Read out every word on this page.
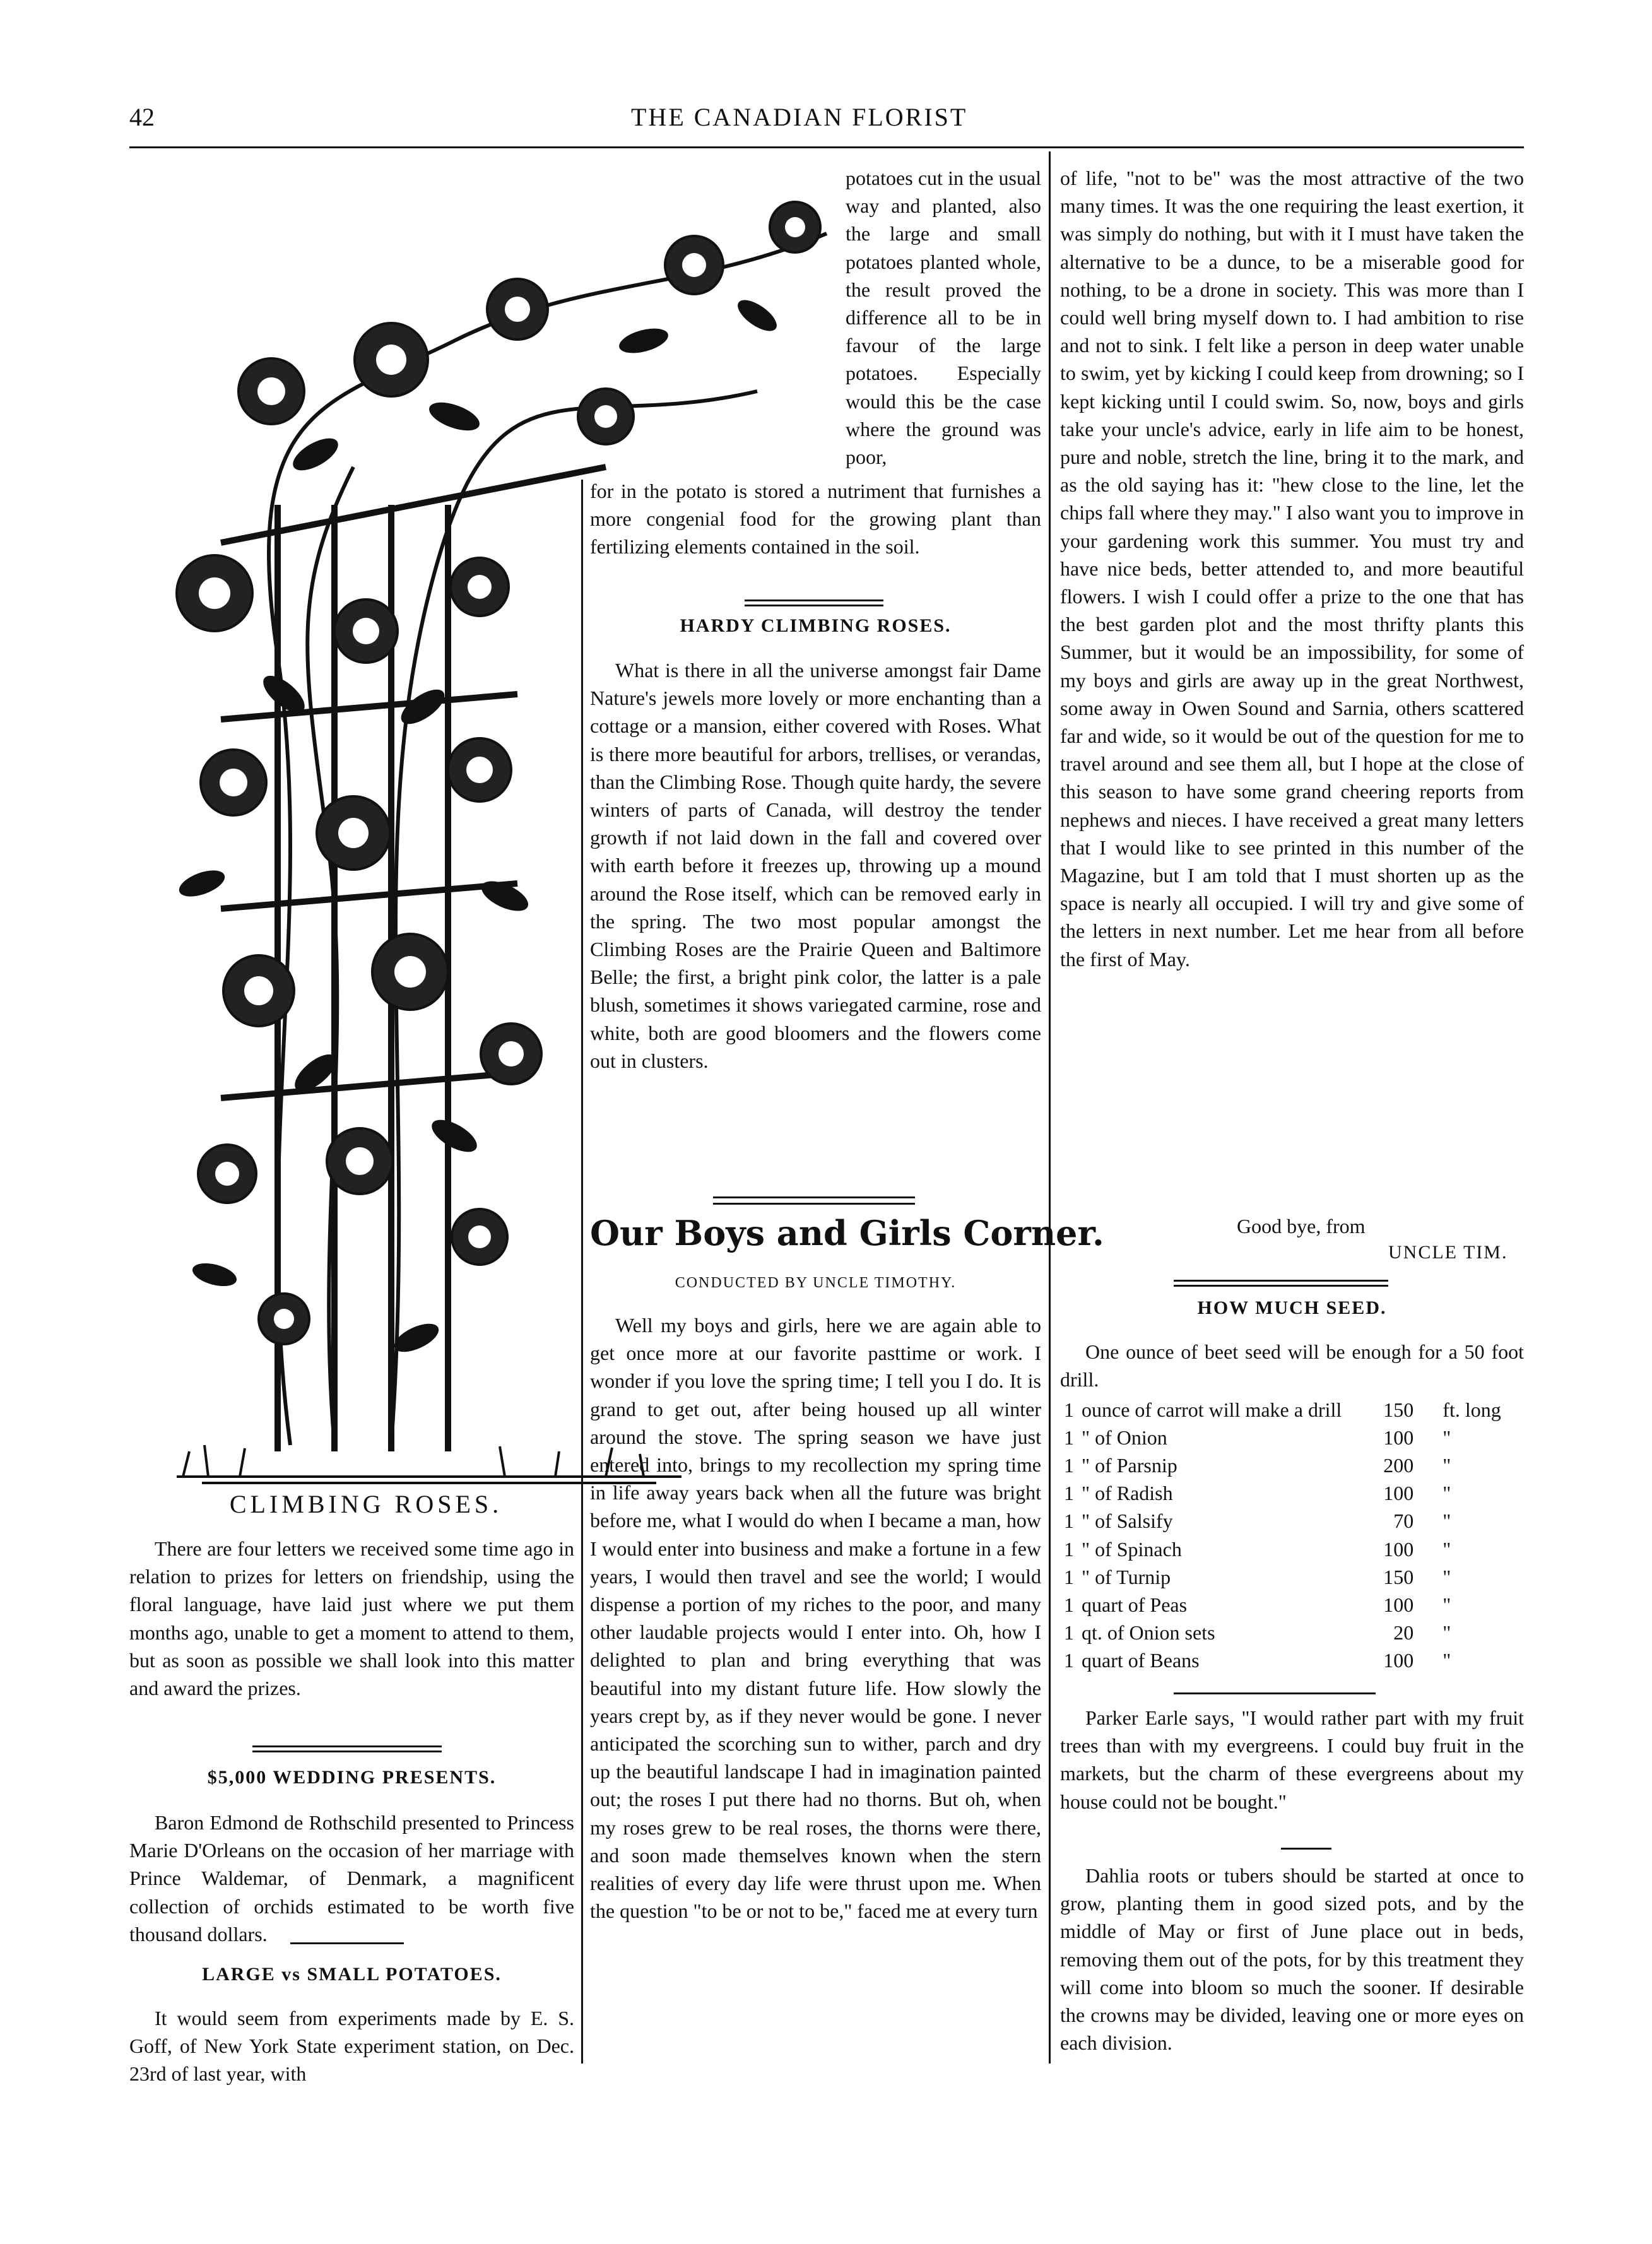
42	THE CANADIAN FLORIST
CLIMBING ROSES.

There are four letters we received some time ago in relation to prizes for letters on friendship, using the floral language, have laid just where we put them months ago, unable to get a moment to attend to them, but as soon as possible we shall look into this matter and award the prizes.

$5,000 WEDDING PRESENTS.

Baron Edmond de Rothschild presented to Princess Marie D'Orleans on the occasion of her marriage with Prince Waldemar, of Denmark, a magnificent collection of orchids estimated to be worth five thousand dollars.

LARGE vs SMALL POTATOES.

It would seem from experiments made by E. S. Goff, of New York State experiment station, on Dec. 23rd of last year, with

potatoes cut in the usual way and planted, also the large and small potatoes planted whole, the result proved the difference all to be in favour of the large potatoes. Especially would this be the case where the ground was poor,

for in the potato is stored a nutriment that furnishes a more congenial food for the growing plant than fertilizing elements contained in the soil.

HARDY CLIMBING ROSES.

What is there in all the universe amongst fair Dame Nature's jewels more lovely or more enchanting than a cottage or a mansion, either covered with Roses. What is there more beautiful for arbors, trellises, or verandas, than the Climbing Rose. Though quite hardy, the severe winters of parts of Canada, will destroy the tender growth if not laid down in the fall and covered over with earth before it freezes up, throwing up a mound around the Rose itself, which can be removed early in the spring. The two most popular amongst the Climbing Roses are the Prairie Queen and Baltimore Belle; the first, a bright pink color, the latter is a pale blush, sometimes it shows variegated carmine, rose and white, both are good bloomers and the flowers come out in clusters.

Our Boys and Girls Corner.
CONDUCTED BY UNCLE TIMOTHY.

Well my boys and girls, here we are again able to get once more at our favorite pasttime or work. I wonder if you love the spring time; I tell you I do. It is grand to get out, after being housed up all winter around the stove. The spring season we have just entered into, brings to my recollection my spring time in life away years back when all the future was bright before me, what I would do when I became a man, how I would enter into business and make a fortune in a few years, I would then travel and see the world; I would dispense a portion of my riches to the poor, and many other laudable projects would I enter into. Oh, how I delighted to plan and bring everything that was beautiful into my distant future life. How slowly the years crept by, as if they never would be gone. I never anticipated the scorching sun to wither, parch and dry up the beautiful landscape I had in imagination painted out; the roses I put there had no thorns. But oh, when my roses grew to be real roses, the thorns were there, and soon made themselves known when the stern realities of every day life were thrust upon me. When the question "to be or not to be," faced me at every turn

of life, "not to be" was the most attractive of the two many times. It was the one requiring the least exertion, it was simply do nothing, but with it I must have taken the alternative to be a dunce, to be a miserable good for nothing, to be a drone in society. This was more than I could well bring myself down to. I had ambition to rise and not to sink. I felt like a person in deep water unable to swim, yet by kicking I could keep from drowning; so I kept kicking until I could swim. So, now, boys and girls take your uncle's advice, early in life aim to be honest, pure and noble, stretch the line, bring it to the mark, and as the old saying has it: "hew close to the line, let the chips fall where they may." I also want you to improve in your gardening work this summer. You must try and have nice beds, better attended to, and more beautiful flowers. I wish I could offer a prize to the one that has the best garden plot and the most thrifty plants this Summer, but it would be an impossibility, for some of my boys and girls are away up in the great Northwest, some away in Owen Sound and Sarnia, others scattered far and wide, so it would be out of the question for me to travel around and see them all, but I hope at the close of this season to have some grand cheering reports from nephews and nieces. I have received a great many letters that I would like to see printed in this number of the Magazine, but I am told that I must shorten up as the space is nearly all occupied. I will try and give some of the letters in next number. Let me hear from all before the first of May.

Good bye, from
UNCLE TIM.
HOW MUCH SEED.

One ounce of beet seed will be enough for a 50 foot drill.

1	ounce of carrot will make a drill	150	ft. long
1	" of Onion	100	"
1	" of Parsnip	200	"
1	" of Radish	100	"
1	" of Salsify	70	"
1	" of Spinach	100	"
1	" of Turnip	150	"
1	quart of Peas	100	"
1	qt. of Onion sets	20	"
1	quart of Beans	100	"

Parker Earle says, "I would rather part with my fruit trees than with my evergreens. I could buy fruit in the markets, but the charm of these evergreens about my house could not be bought."

Dahlia roots or tubers should be started at once to grow, planting them in good sized pots, and by the middle of May or first of June place out in beds, removing them out of the pots, for by this treatment they will come into bloom so much the sooner. If desirable the crowns may be divided, leaving one or more eyes on each division.
